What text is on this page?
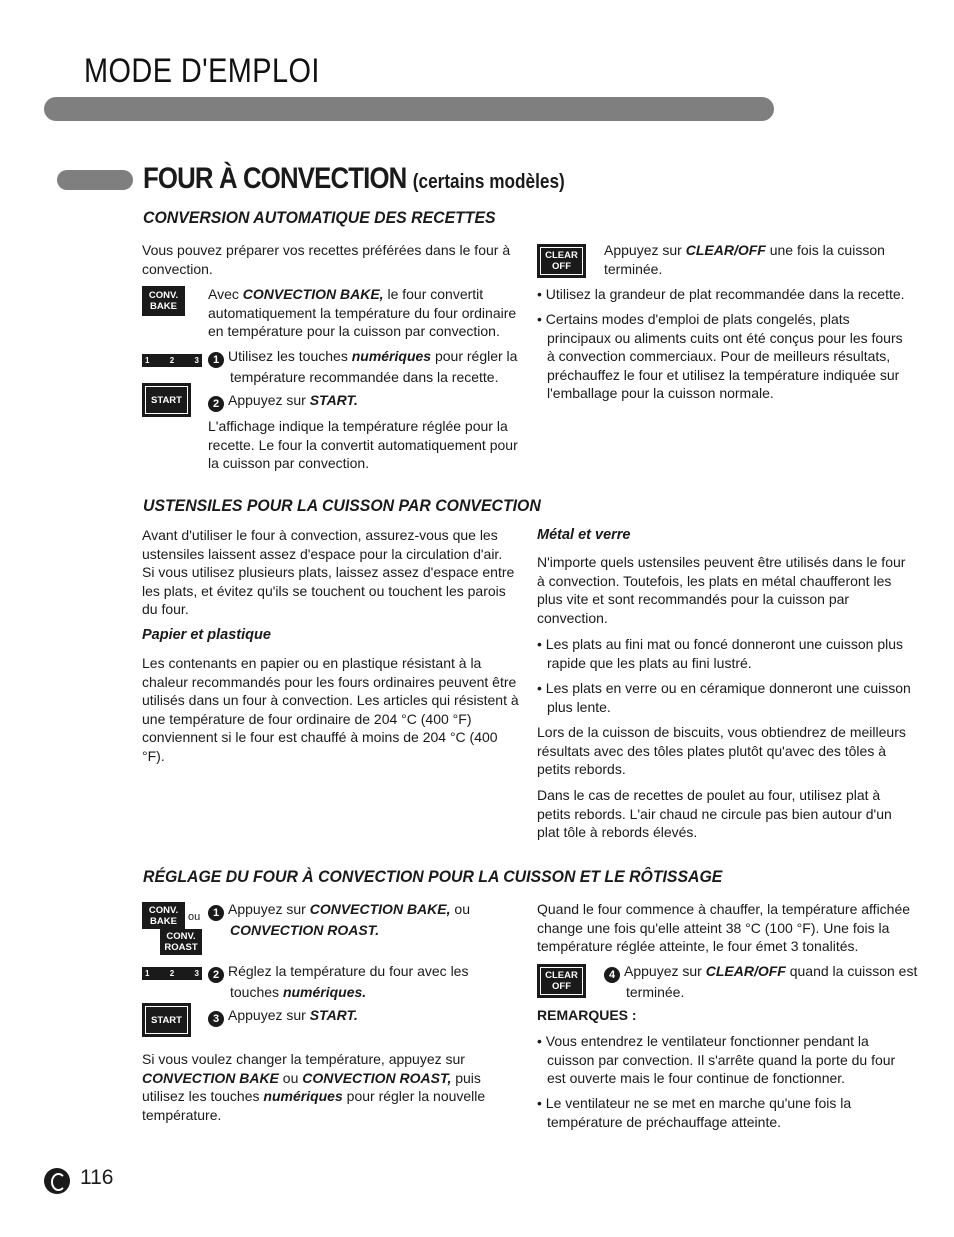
MODE D'EMPLOI
FOUR À CONVECTION (certains modèles)
CONVERSION AUTOMATIQUE DES RECETTES
Vous pouvez préparer vos recettes préférées dans le four à convection.
CONV. BAKE
Avec CONVECTION BAKE, le four convertit automatiquement la température du four ordinaire en température pour la cuisson par convection.
1	2	3	1 Utilisez les touches numériques pour régler la température recommandée dans la recette.
START	2 Appuyez sur START.
L'affichage indique la température réglée pour la recette. Le four la convertit automatiquement pour la cuisson par convection.
CLEAR OFF
Appuyez sur CLEAR/OFF une fois la cuisson terminée.
• Utilisez la grandeur de plat recommandée dans la recette.
• Certains modes d'emploi de plats congelés, plats principaux ou aliments cuits ont été conçus pour les fours à convection commerciaux. Pour de meilleurs résultats, préchauffez le four et utilisez la température indiquée sur l'emballage pour la cuisson normale.
USTENSILES POUR LA CUISSON PAR CONVECTION
Avant d'utiliser le four à convection, assurez-vous que les ustensiles laissent assez d'espace pour la circulation d'air. Si vous utilisez plusieurs plats, laissez assez d'espace entre les plats, et évitez qu'ils se touchent ou touchent les parois du four.
Papier et plastique
Les contenants en papier ou en plastique résistant à la chaleur recommandés pour les fours ordinaires peuvent être utilisés dans un four à convection. Les articles qui résistent à une température de four ordinaire de 204 °C (400 °F) conviennent si le four est chauffé à moins de 204 °C (400 °F).
Métal et verre
N'importe quels ustensiles peuvent être utilisés dans le four à convection. Toutefois, les plats en métal chaufferont les plus vite et sont recommandés pour la cuisson par convection.
• Les plats au fini mat ou foncé donneront une cuisson plus rapide que les plats au fini lustré.
• Les plats en verre ou en céramique donneront une cuisson plus lente.
Lors de la cuisson de biscuits, vous obtiendrez de meilleurs résultats avec des tôles plates plutôt qu'avec des tôles à petits rebords.
Dans le cas de recettes de poulet au four, utilisez plat à petits rebords. L'air chaud ne circule pas bien autour d'un plat tôle à rebords élevés.
RÉGLAGE DU FOUR À CONVECTION POUR LA CUISSON ET LE RÔTISSAGE
CONV. BAKE	ou
CONV. ROAST
1 Appuyez sur CONVECTION BAKE, ou CONVECTION ROAST.
1	2	3	2 Réglez la température du four avec les touches numériques.
START	3 Appuyez sur START.
Si vous voulez changer la température, appuyez sur CONVECTION BAKE ou CONVECTION ROAST, puis utilisez les touches numériques pour régler la nouvelle température.
Quand le four commence à chauffer, la température affichée change une fois qu'elle atteint 38 °C (100 °F). Une fois la température réglée atteinte, le four émet 3 tonalités.
CLEAR OFF
4 Appuyez sur CLEAR/OFF quand la cuisson est terminée.
REMARQUES :
• Vous entendrez le ventilateur fonctionner pendant la cuisson par convection. Il s'arrête quand la porte du four est ouverte mais le four continue de fonctionner.
• Le ventilateur ne se met en marche qu'une fois la température de préchauffage atteinte.
116
